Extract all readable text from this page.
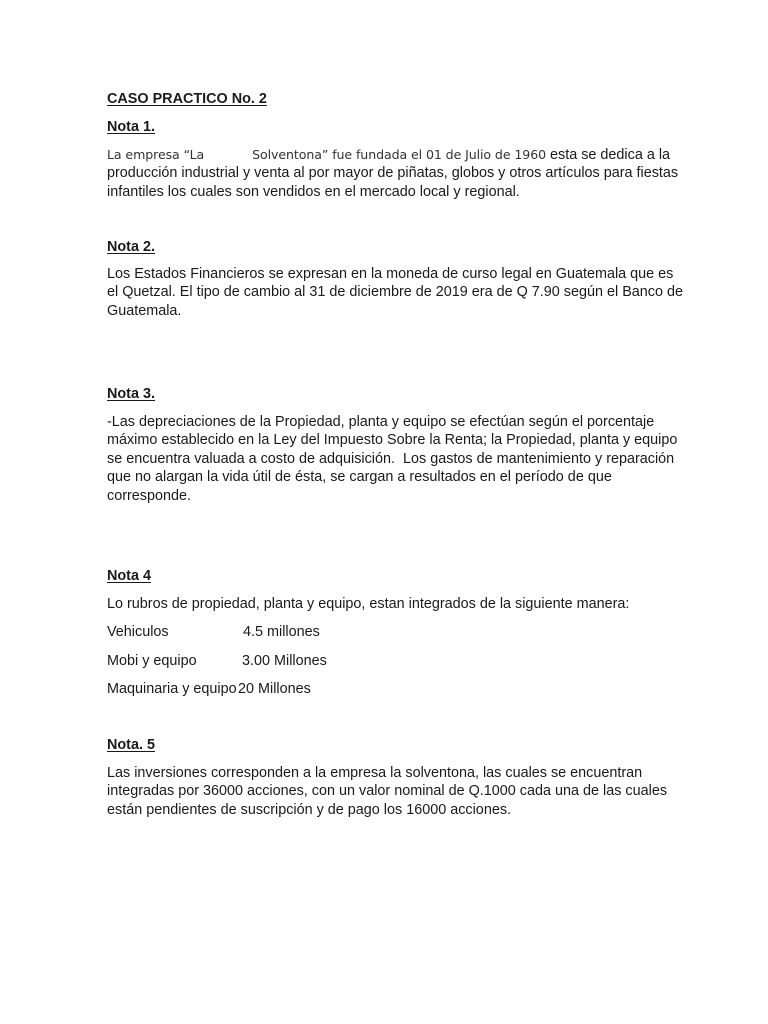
CASO PRACTICO No. 2
Nota 1.
La empresa “La	Solventona” fue fundada el 01 de Julio de 1960 esta se dedica a la
producción industrial y venta al por mayor de piñatas, globos y otros artículos para fiestas
infantiles los cuales son vendidos en el mercado local y regional.
Nota 2.
Los Estados Financieros se expresan en la moneda de curso legal en Guatemala que es
el Quetzal. El tipo de cambio al 31 de diciembre de 2019 era de Q 7.90 según el Banco de
Guatemala.
Nota 3.
-Las depreciaciones de la Propiedad, planta y equipo se efectúan según el porcentaje
máximo establecido en la Ley del Impuesto Sobre la Renta; la Propiedad, planta y equipo
se encuentra valuada a costo de adquisición.  Los gastos de mantenimiento y reparación
que no alargan la vida útil de ésta, se cargan a resultados en el período de que
corresponde.
Nota 4
Lo rubros de propiedad, planta y equipo, estan integrados de la siguiente manera:
Vehiculos	4.5 millones
Mobi y equipo	3.00 Millones
Maquinaria y equipo 20 Millones
Nota. 5
Las inversiones corresponden a la empresa la solventona, las cuales se encuentran
integradas por 36000 acciones, con un valor nominal de Q.1000 cada una de las cuales
están pendientes de suscripción y de pago los 16000 acciones.
